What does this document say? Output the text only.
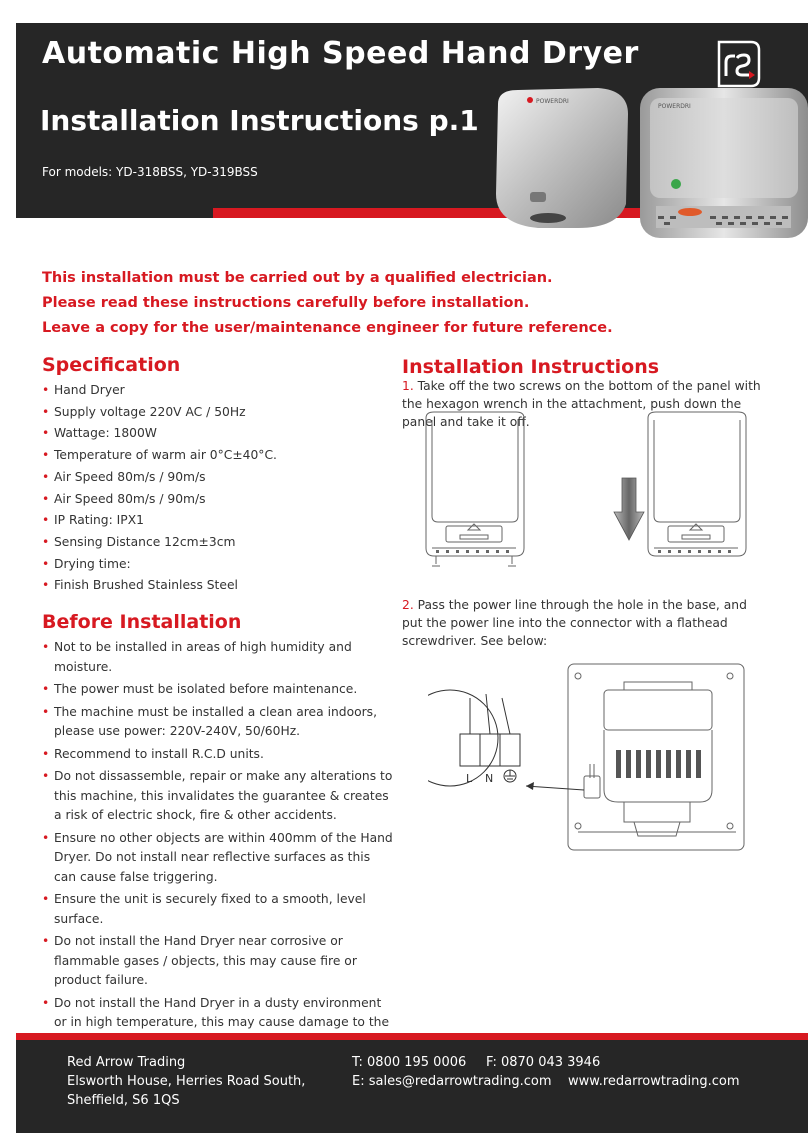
Automatic High Speed Hand Dryer
Installation Instructions p.1
For models: YD-318BSS, YD-319BSS
POWERDRI
POWERDRI
This installation must be carried out by a qualified electrician.
Please read these instructions carefully before installation.
Leave a copy for the user/maintenance engineer for future reference.
Specification
• Hand Dryer
• Supply voltage 220V AC / 50Hz
• Wattage: 1800W
• Temperature of warm air 0°C±40°C.
• Air Speed 80m/s / 90m/s
• Air Speed 80m/s / 90m/s
• IP Rating: IPX1
• Sensing Distance 12cm±3cm
• Drying time:
• Finish Brushed Stainless Steel
Before Installation
• Not to be installed in areas of high humidity and moisture.
• The power must be isolated before maintenance.
• The machine must be installed a clean area indoors, please use power: 220V-240V, 50/60Hz.
• Recommend to install R.C.D units.
• Do not dissassemble, repair or make any alterations to this machine, this invalidates the guarantee & creates a risk of electric shock, fire & other accidents.
• Ensure no other objects are within 400mm of the Hand Dryer. Do not install near reflective surfaces as this can cause false triggering.
• Ensure the unit is securely fixed to a smooth, level surface.
• Do not install the Hand Dryer near corrosive or flammable gases / objects, this may cause fire or product failure.
• Do not install the Hand Dryer in a dusty environment or in high temperature, this may cause damage to the
Installation Instructions
1. Take off the two screws on the bottom of the panel with the hexagon wrench in the attachment, push down the panel and take it off.
2. Pass the power line through the hole in the base, and put the power line into the connector with a flathead screwdriver. See below:
L N
Red Arrow Trading
Elsworth House, Herries Road South,
Sheffield, S6 1QS
T: 0800 195 0006 F: 0870 043 3946
E: sales@redarrowtrading.com www.redarrowtrading.com
